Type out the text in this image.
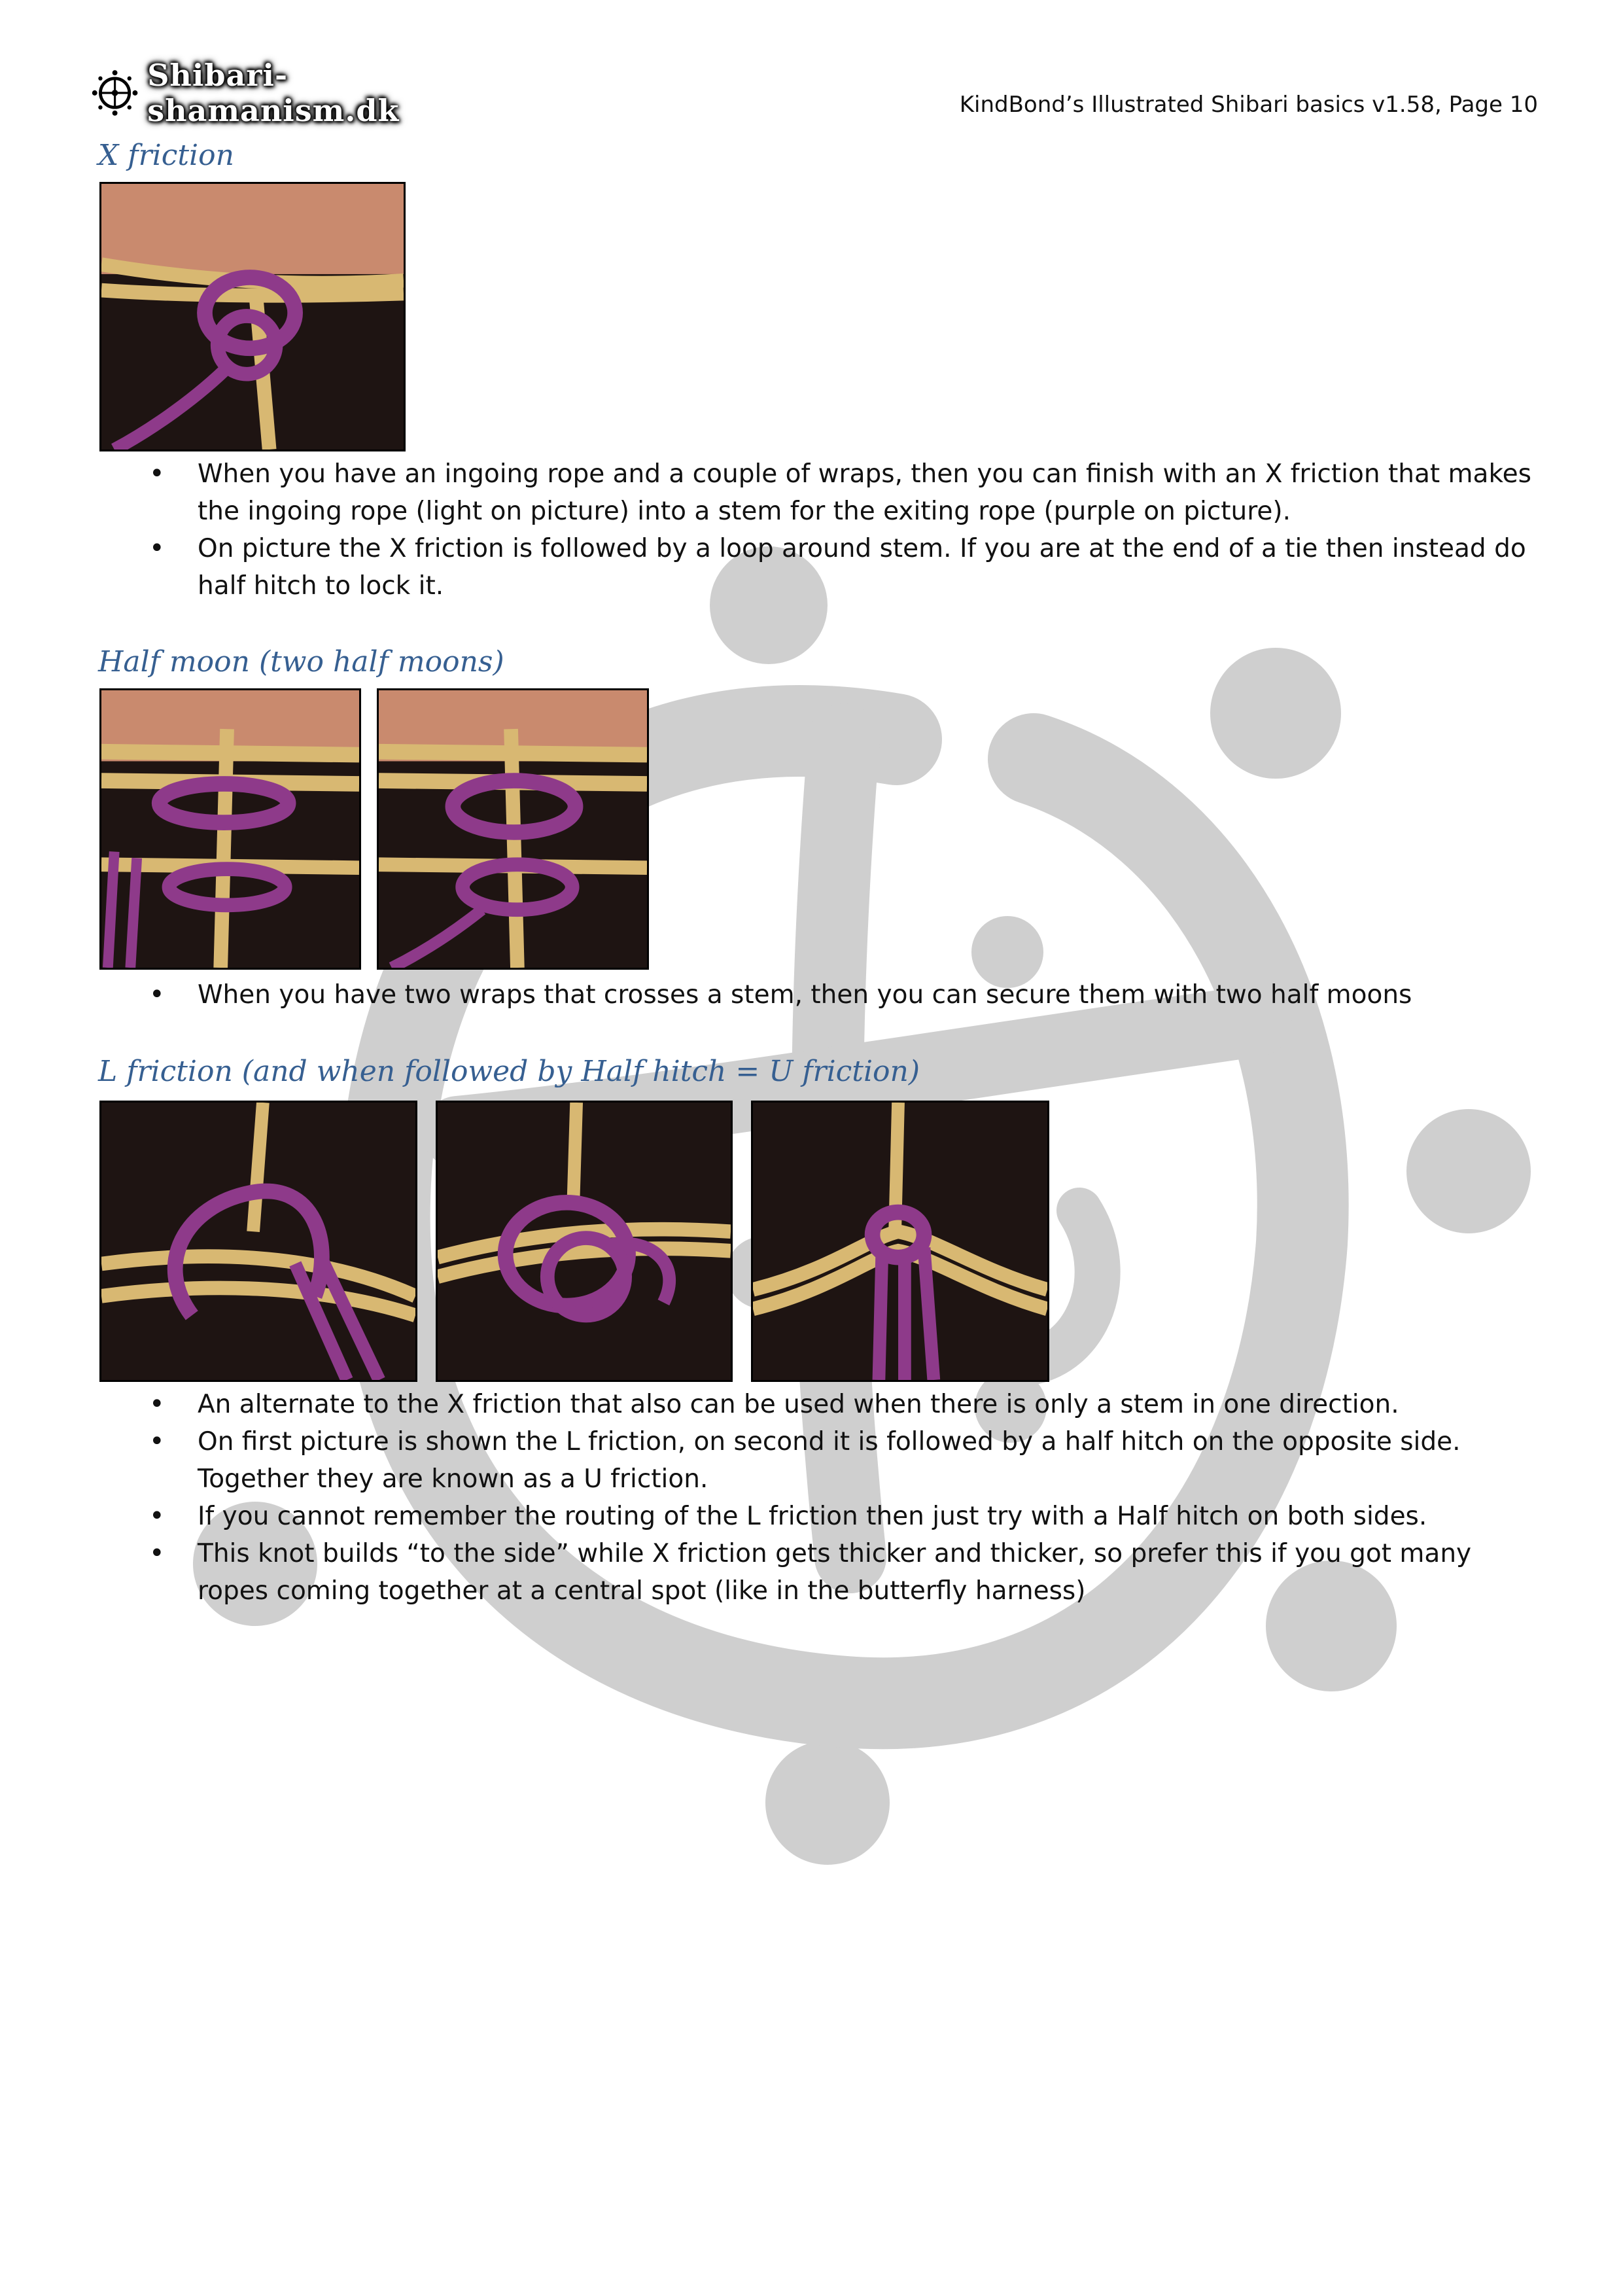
Shibari-shamanism.dk	KindBond’s Illustrated Shibari basics v1.58, Page 10
X friction
• When you have an ingoing rope and a couple of wraps, then you can finish with an X friction that makes the ingoing rope (light on picture) into a stem for the exiting rope (purple on picture).
• On picture the X friction is followed by a loop around stem. If you are at the end of a tie then instead do half hitch to lock it.
Half moon (two half moons)
• When you have two wraps that crosses a stem, then you can secure them with two half moons
L friction (and when followed by Half hitch = U friction)
• An alternate to the X friction that also can be used when there is only a stem in one direction.
• On first picture is shown the L friction, on second it is followed by a half hitch on the opposite side. Together they are known as a U friction.
• If you cannot remember the routing of the L friction then just try with a Half hitch on both sides.
• This knot builds “to the side” while X friction gets thicker and thicker, so prefer this if you got many ropes coming together at a central spot (like in the butterfly harness)
